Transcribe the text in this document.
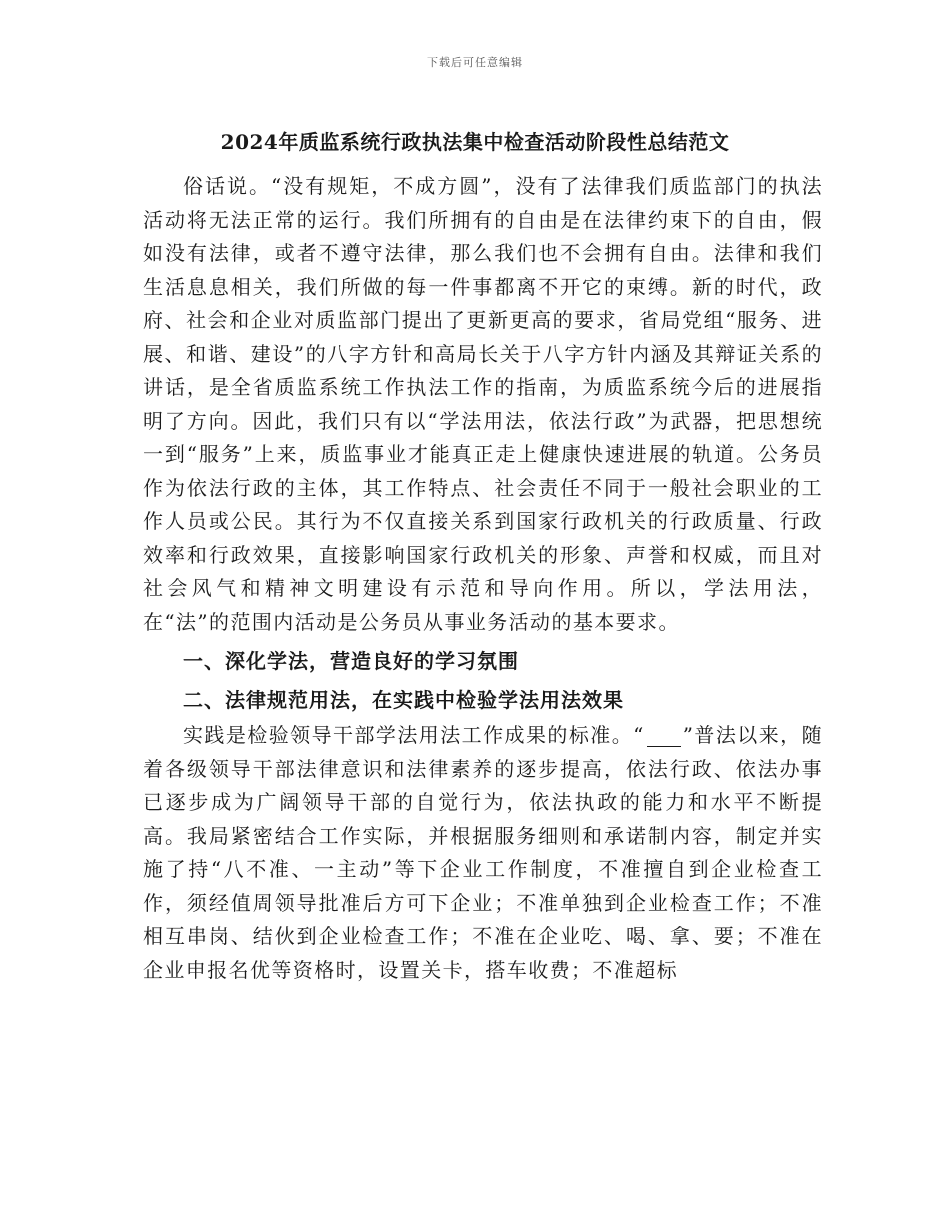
下载后可任意编辑
2024年质监系统行政执法集中检查活动阶段性总结范文

俗话说。“没有规矩，不成方圆”，没有了法律我们质监部门的执法活动将无法正常的运行。我们所拥有的自由是在法律约束下的自由，假如没有法律，或者不遵守法律，那么我们也不会拥有自由。法律和我们生活息息相关，我们所做的每一件事都离不开它的束缚。新的时代，政府、社会和企业对质监部门提出了更新更高的要求，省局党组“服务、进展、和谐、建设”的八字方针和高局长关于八字方针内涵及其辩证关系的讲话，是全省质监系统工作执法工作的指南，为质监系统今后的进展指明了方向。因此，我们只有以“学法用法，依法行政”为武器，把思想统一到“服务”上来，质监事业才能真正走上健康快速进展的轨道。公务员作为依法行政的主体，其工作特点、社会责任不同于一般社会职业的工作人员或公民。其行为不仅直接关系到国家行政机关的行政质量、行政效率和行政效果，直接影响国家行政机关的形象、声誉和权威，而且对社会风气和精神文明建设有示范和导向作用。所以，学法用法，在“法”的范围内活动是公务员从事业务活动的基本要求。

一、深化学法，营造良好的学习氛围

二、法律规范用法，在实践中检验学法用法效果

实践是检验领导干部学法用法工作成果的标准。“ ”普法以来，随着各级领导干部法律意识和法律素养的逐步提高，依法行政、依法办事已逐步成为广阔领导干部的自觉行为，依法执政的能力和水平不断提高。我局紧密结合工作实际，并根据服务细则和承诺制内容，制定并实施了持“八不准、一主动”等下企业工作制度，不准擅自到企业检查工作，须经值周领导批准后方可下企业；不准单独到企业检查工作；不准相互串岗、结伙到企业检查工作；不准在企业吃、喝、拿、要；不准在企业申报名优等资格时，设置关卡，搭车收费；不准超标
